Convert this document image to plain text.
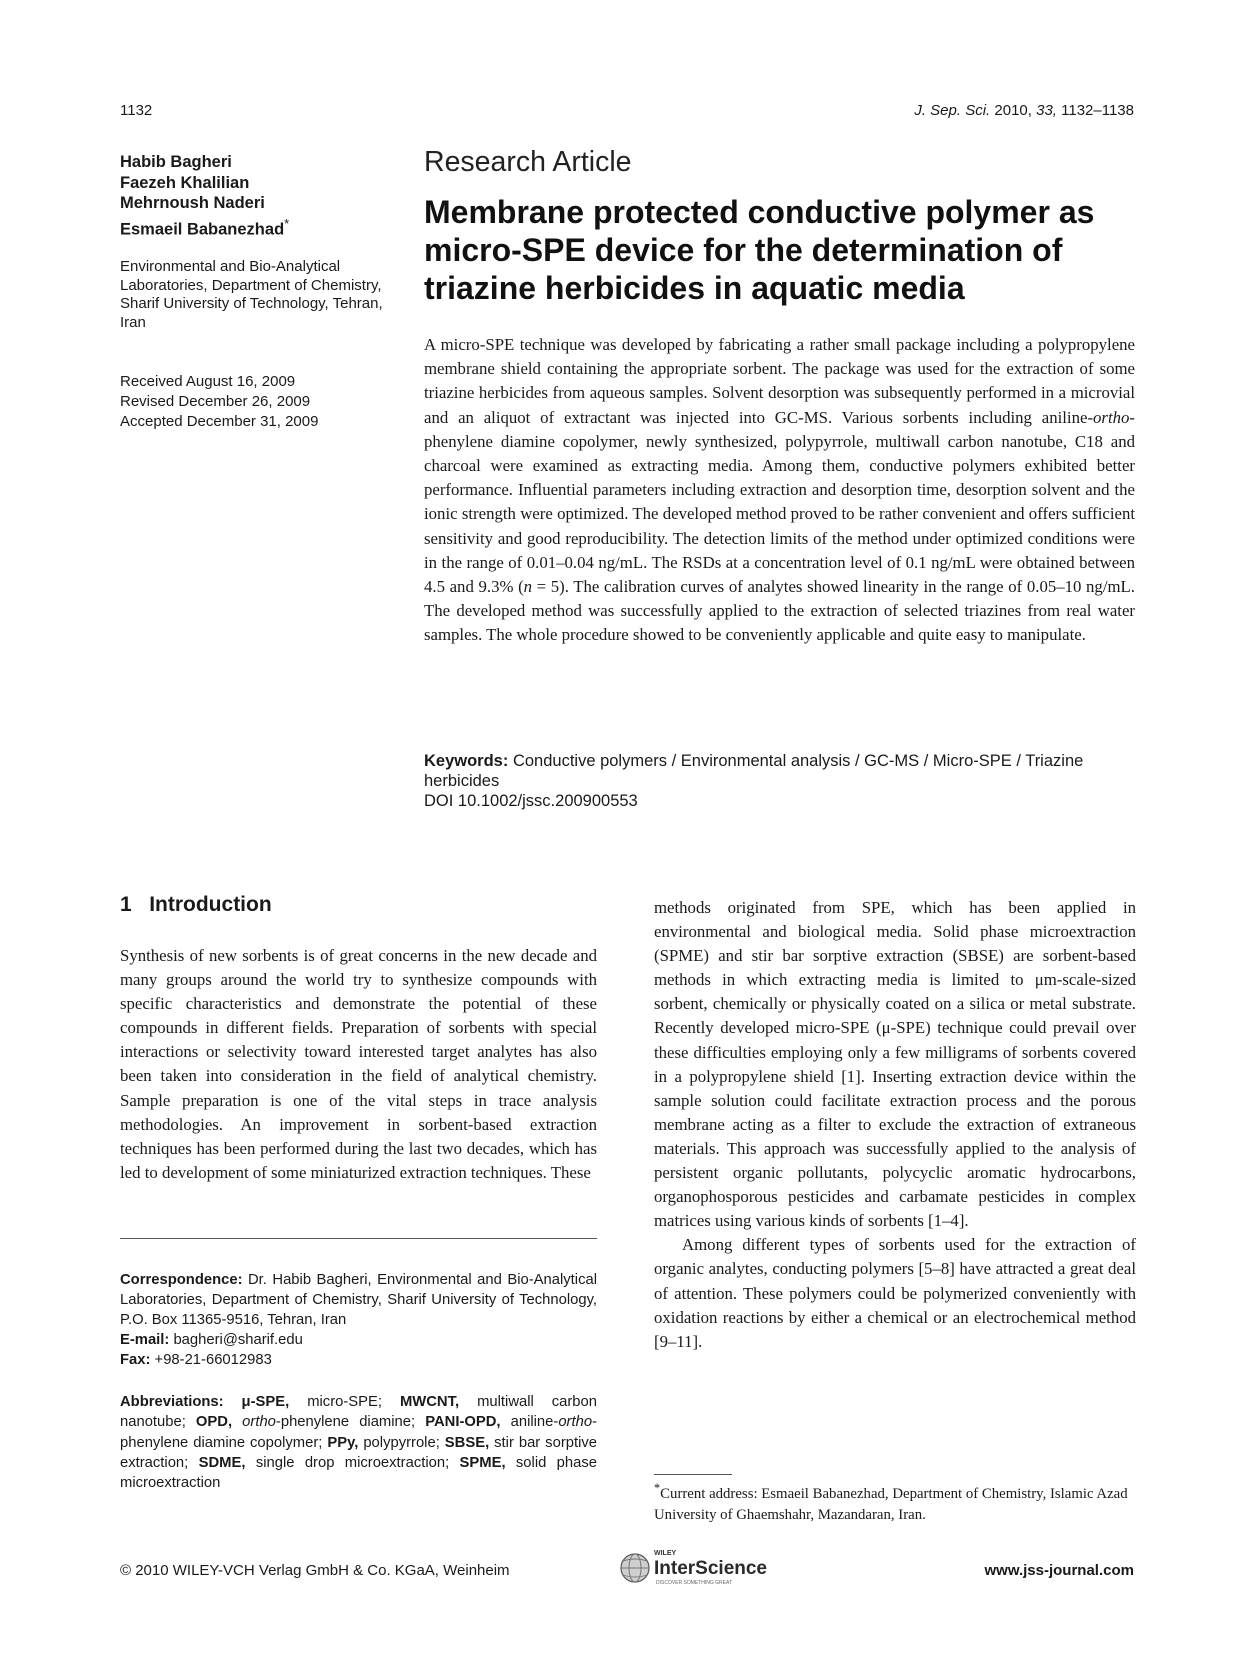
1132	J. Sep. Sci. 2010, 33, 1132–1138
Habib Bagheri
Faezeh Khalilian
Mehrnoush Naderi
Esmaeil Babanezhad*
Environmental and Bio-Analytical Laboratories, Department of Chemistry, Sharif University of Technology, Tehran, Iran
Received August 16, 2009
Revised December 26, 2009
Accepted December 31, 2009
Research Article
Membrane protected conductive polymer as micro-SPE device for the determination of triazine herbicides in aquatic media
A micro-SPE technique was developed by fabricating a rather small package including a polypropylene membrane shield containing the appropriate sorbent. The package was used for the extraction of some triazine herbicides from aqueous samples. Solvent desorption was subsequently performed in a microvial and an aliquot of extractant was injected into GC-MS. Various sorbents including aniline-ortho-phenylene diamine copolymer, newly synthesized, polypyrrole, multiwall carbon nanotube, C18 and charcoal were examined as extracting media. Among them, conductive polymers exhibited better performance. Influential parameters including extraction and desorption time, desorption solvent and the ionic strength were optimized. The developed method proved to be rather convenient and offers sufficient sensitivity and good reproducibility. The detection limits of the method under optimized conditions were in the range of 0.01–0.04 ng/mL. The RSDs at a concentration level of 0.1 ng/mL were obtained between 4.5 and 9.3% (n = 5). The calibration curves of analytes showed linearity in the range of 0.05–10 ng/mL. The developed method was successfully applied to the extraction of selected triazines from real water samples. The whole procedure showed to be conveniently applicable and quite easy to manipulate.
Keywords: Conductive polymers / Environmental analysis / GC-MS / Micro-SPE / Triazine herbicides
DOI 10.1002/jssc.200900553
1 Introduction
Synthesis of new sorbents is of great concerns in the new decade and many groups around the world try to synthesize compounds with specific characteristics and demonstrate the potential of these compounds in different fields. Preparation of sorbents with special interactions or selectivity toward interested target analytes has also been taken into consideration in the field of analytical chemistry. Sample preparation is one of the vital steps in trace analysis methodologies. An improvement in sorbent-based extraction techniques has been performed during the last two decades, which has led to development of some miniaturized extraction techniques. These
Correspondence: Dr. Habib Bagheri, Environmental and Bio-Analytical Laboratories, Department of Chemistry, Sharif University of Technology, P.O. Box 11365-9516, Tehran, Iran
E-mail: bagheri@sharif.edu
Fax: +98-21-66012983
Abbreviations: μ-SPE, micro-SPE; MWCNT, multiwall carbon nanotube; OPD, ortho-phenylene diamine; PANI-OPD, aniline-ortho-phenylene diamine copolymer; PPy, polypyrrole; SBSE, stir bar sorptive extraction; SDME, single drop microextraction; SPME, solid phase microextraction

methods originated from SPE, which has been applied in environmental and biological media. Solid phase microextraction (SPME) and stir bar sorptive extraction (SBSE) are sorbent-based methods in which extracting media is limited to μm-scale-sized sorbent, chemically or physically coated on a silica or metal substrate. Recently developed micro-SPE (μ-SPE) technique could prevail over these difficulties employing only a few milligrams of sorbents covered in a polypropylene shield [1]. Inserting extraction device within the sample solution could facilitate extraction process and the porous membrane acting as a filter to exclude the extraction of extraneous materials. This approach was successfully applied to the analysis of persistent organic pollutants, polycyclic aromatic hydrocarbons, organophosporous pesticides and carbamate pesticides in complex matrices using various kinds of sorbents [1–4].

Among different types of sorbents used for the extraction of organic analytes, conducting polymers [5–8] have attracted a great deal of attention. These polymers could be polymerized conveniently with oxidation reactions by either a chemical or an electrochemical method [9–11].

*Current address: Esmaeil Babanezhad, Department of Chemistry, Islamic Azad University of Ghaemshahr, Mazandaran, Iran.
© 2010 WILEY-VCH Verlag GmbH & Co. KGaA, Weinheim
WILEY
InterScience
DISCOVER SOMETHING GREAT
www.jss-journal.com
